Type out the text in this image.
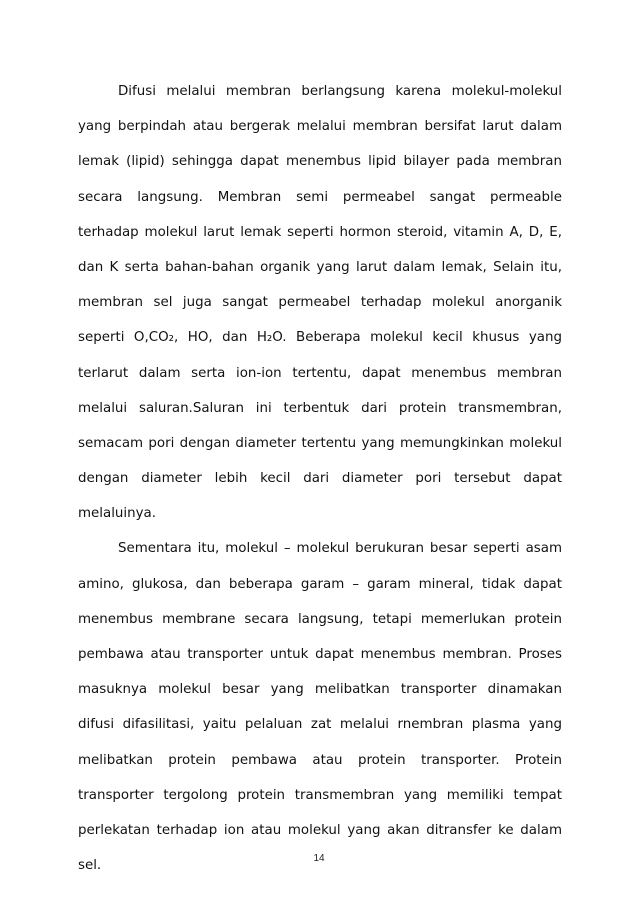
Difusi melalui membran berlangsung karena molekul-molekul
yang berpindah atau bergerak melalui membran bersifat larut dalam
lemak (lipid) sehingga dapat menembus lipid bilayer pada membran
secara langsung. Membran semi permeabel sangat permeable
terhadap molekul larut lemak seperti hormon steroid, vitamin A, D, E,
dan K serta bahan-bahan organik yang larut dalam lemak, Selain itu,
membran sel juga sangat permeabel terhadap molekul anorganik
seperti O,CO₂, HO, dan H₂O. Beberapa molekul kecil khusus yang
terlarut dalam serta ion-ion tertentu, dapat menembus membran
melalui saluran.Saluran ini terbentuk dari protein transmembran,
semacam pori dengan diameter tertentu yang memungkinkan molekul
dengan diameter lebih kecil dari diameter pori tersebut dapat
melaluinya.
Sementara itu, molekul – molekul berukuran besar seperti asam
amino, glukosa, dan beberapa garam – garam mineral, tidak dapat
menembus membrane secara langsung, tetapi memerlukan protein
pembawa atau transporter untuk dapat menembus membran. Proses
masuknya molekul besar yang melibatkan transporter dinamakan
difusi difasilitasi, yaitu pelaluan zat melalui rnembran plasma yang
melibatkan protein pembawa atau protein transporter. Protein
transporter tergolong protein transmembran yang memiliki tempat
perlekatan terhadap ion atau molekul yang akan ditransfer ke dalam
sel.	14
